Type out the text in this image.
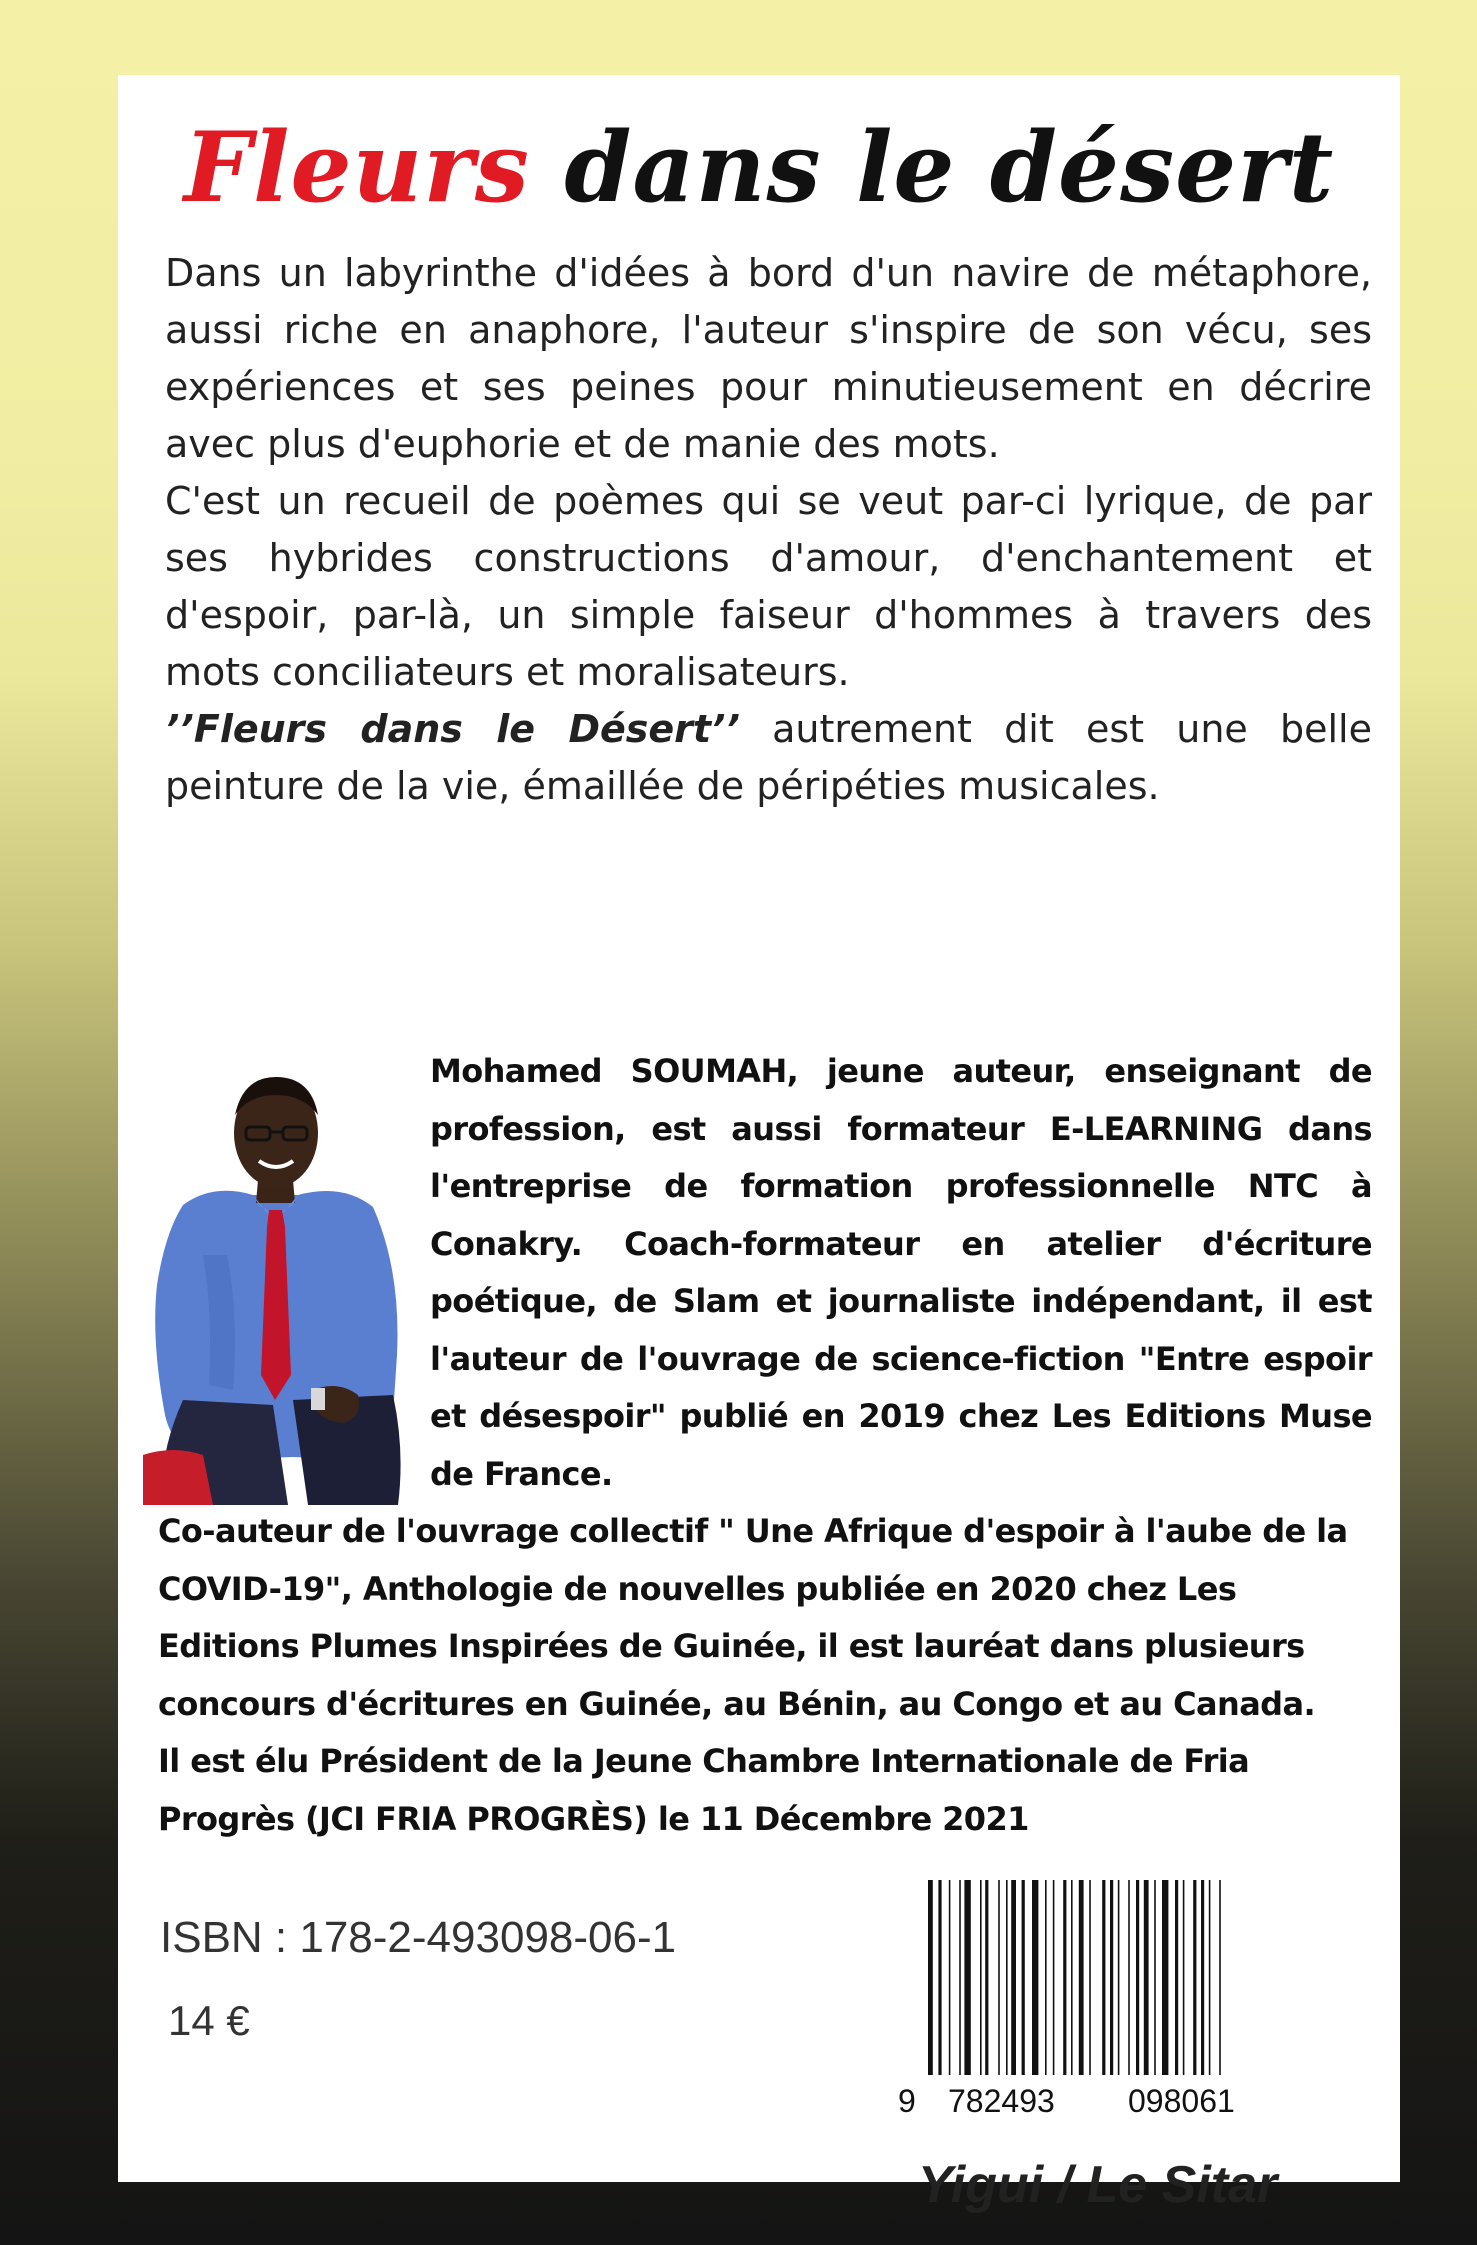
Fleurs dans le désert

Dans un labyrinthe d'idées à bord d'un navire de métaphore, aussi riche en anaphore, l'auteur s'inspire de son vécu, ses expériences et ses peines pour minutieusement en décrire avec plus d'euphorie et de manie des mots.

C'est un recueil de poèmes qui se veut par-ci lyrique, de par ses hybrides constructions d'amour, d'enchantement et d'espoir, par-là, un simple faiseur d'hommes à travers des mots conciliateurs et moralisateurs.

’’Fleurs dans le Désert’’ autrement dit est une belle peinture de la vie, émaillée de péripéties musicales.

Mohamed SOUMAH, jeune auteur, enseignant de profession, est aussi formateur E-LEARNING dans l'entreprise de formation professionnelle NTC à Conakry. Coach-formateur en atelier d'écriture poétique, de Slam et journaliste indépendant, il est l'auteur de l'ouvrage de science-fiction "Entre espoir et désespoir" publié en 2019 chez Les Editions Muse de France.

Co-auteur de l'ouvrage collectif " Une Afrique d'espoir à l'aube de la COVID-19", Anthologie de nouvelles publiée en 2020 chez Les Editions Plumes Inspirées de Guinée, il est lauréat dans plusieurs concours d'écritures en Guinée, au Bénin, au Congo et au Canada.

Il est élu Président de la Jeune Chambre Internationale de Fria Progrès (JCI FRIA PROGRÈS) le 11 Décembre 2021

ISBN : 178-2-493098-06-1
14 €
9 782493 098061
Yigui / Le Sitar
